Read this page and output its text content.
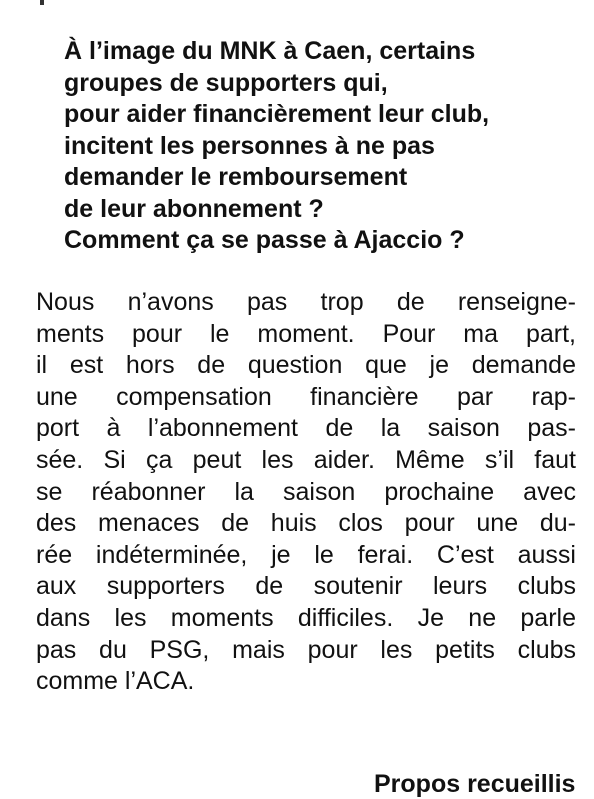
À l’image du MNK à Caen, certains
groupes de supporters qui,
pour aider financièrement leur club,
incitent les personnes à ne pas
demander le remboursement
de leur abonnement ?
Comment ça se passe à Ajaccio ?
Nous n’avons pas trop de renseigne-
ments pour le moment. Pour ma part,
il est hors de question que je demande
une compensation financière par rap-
port à l’abonnement de la saison pas-
sée. Si ça peut les aider. Même s’il faut
se réabonner la saison prochaine avec
des menaces de huis clos pour une du-
rée indéterminée, je le ferai. C’est aussi
aux supporters de soutenir leurs clubs
dans les moments difficiles. Je ne parle
pas du PSG, mais pour les petits clubs
comme l’ACA.
Propos recueillis
